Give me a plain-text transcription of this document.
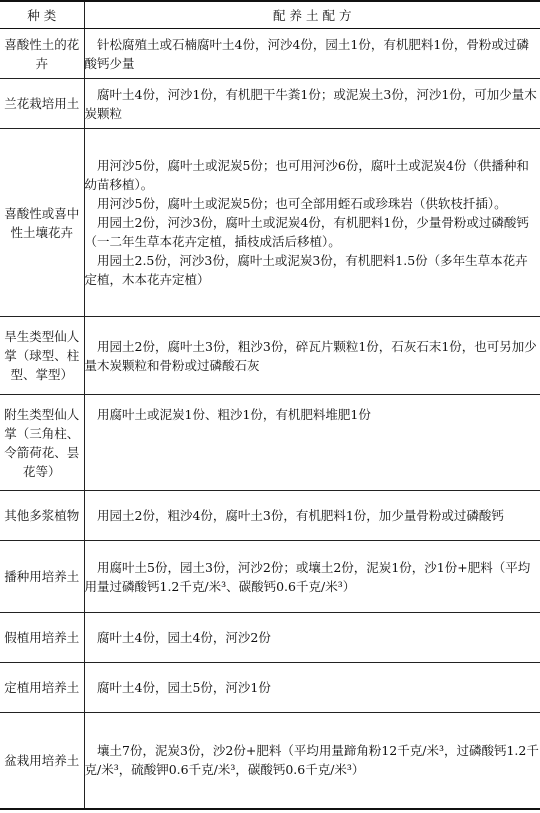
种 类	配 养 土 配 方
喜酸性土的花卉	针松腐殖土或石楠腐叶土4份，河沙4份，园土1份，有机肥料1份，骨粉或过磷酸钙少量

兰花栽培用土	腐叶土4份，河沙1份，有机肥干牛粪1份；或泥炭土3份，河沙1份，可加少量木炭颗粒

喜酸性或喜中性土壤花卉	用河沙5份，腐叶土或泥炭5份；也可用河沙6份，腐叶土或泥炭4份（供播种和幼苗移植）。

用河沙5份，腐叶土或泥炭5份；也可全部用蛭石或珍珠岩（供软枝扦插）。

用园土2份，河沙3份，腐叶土或泥炭4份，有机肥料1份，少量骨粉或过磷酸钙（一二年生草本花卉定植，插枝成活后移植）。

用园土2.5份，河沙3份，腐叶土或泥炭3份，有机肥料1.5份（多年生草本花卉定植，木本花卉定植）

旱生类型仙人掌（球型、柱型、掌型）	用园土2份，腐叶土3份，粗沙3份，碎瓦片颗粒1份，石灰石末1份，也可另加少量木炭颗粒和骨粉或过磷酸石灰

附生类型仙人掌（三角柱、令箭荷花、昙花等）	用腐叶土或泥炭1份、粗沙1份，有机肥料堆肥1份

其他多浆植物	用园土2份，粗沙4份，腐叶土3份，有机肥料1份，加少量骨粉或过磷酸钙

播种用培养土	用腐叶土5份，园土3份，河沙2份；或壤土2份，泥炭1份，沙1份+肥料（平均用量过磷酸钙1.2千克/米³、碳酸钙0.6千克/米³）

假植用培养土	腐叶土4份，园土4份，河沙2份

定植用培养土	腐叶土4份，园土5份，河沙1份

盆栽用培养土	壤土7份，泥炭3份，沙2份+肥料（平均用量蹄角粉12千克/米³，过磷酸钙1.2千克/米³，硫酸钾0.6千克/米³，碳酸钙0.6千克/米³）
